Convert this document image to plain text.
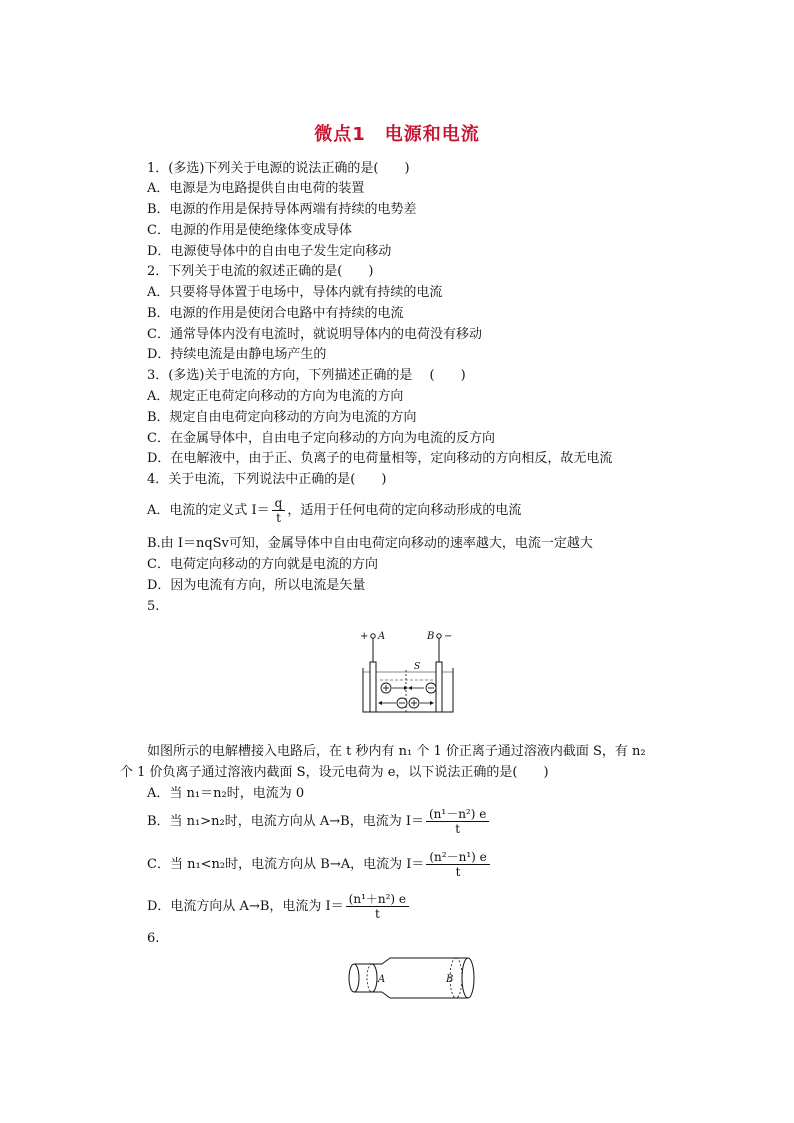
微点1　电源和电流
1．(多选)下列关于电源的说法正确的是(　　)
A．电源是为电路提供自由电荷的装置
B．电源的作用是保持导体两端有持续的电势差
C．电源的作用是使绝缘体变成导体
D．电源使导体中的自由电子发生定向移动
2．下列关于电流的叙述正确的是(　　)
A．只要将导体置于电场中，导体内就有持续的电流
B．电源的作用是使闭合电路中有持续的电流
C．通常导体内没有电流时，就说明导体内的电荷没有移动
D．持续电流是由静电场产生的
3．(多选)关于电流的方向，下列描述正确的是　 (　　)
A．规定正电荷定向移动的方向为电流的方向
B．规定自由电荷定向移动的方向为电流的方向
C．在金属导体中，自由电子定向移动的方向为电流的反方向
D．在电解液中，由于正、负离子的电荷量相等，定向移动的方向相反，故无电流
4．关于电流，下列说法中正确的是(　　)
A．电流的定义式 $I= \frac{q}{t}$ ，适用于任何电荷的定向移动形成的电流
B.由 I＝nqSv可知，金属导体中自由电荷定向移动的速率越大，电流一定越大
C．电荷定向移动的方向就是电流的方向
D．因为电流有方向，所以电流是矢量
5.
+ A	B −
S
如图所示的电解槽接入电路后，在 t 秒内有 n₁ 个 1 价正离子通过溶液内截面 S，有 n₂
个 1 价负离子通过溶液内截面 S，设元电荷为 e，以下说法正确的是(　　)
A．当 n₁＝n₂时，电流为 0
B．当 n₁>n₂时，电流方向从 A→B，电流为 $I= \frac{\text{(n¹－n²) e}}{t}$
C．当 n₁<n₂时，电流方向从 B→A，电流为 $I= \frac{\text{(n²－n¹) e}}{t}$
D．电流方向从 A→B，电流为 $I= \frac{\text{(n¹＋n²) e}}{t}$
6.
A	B
